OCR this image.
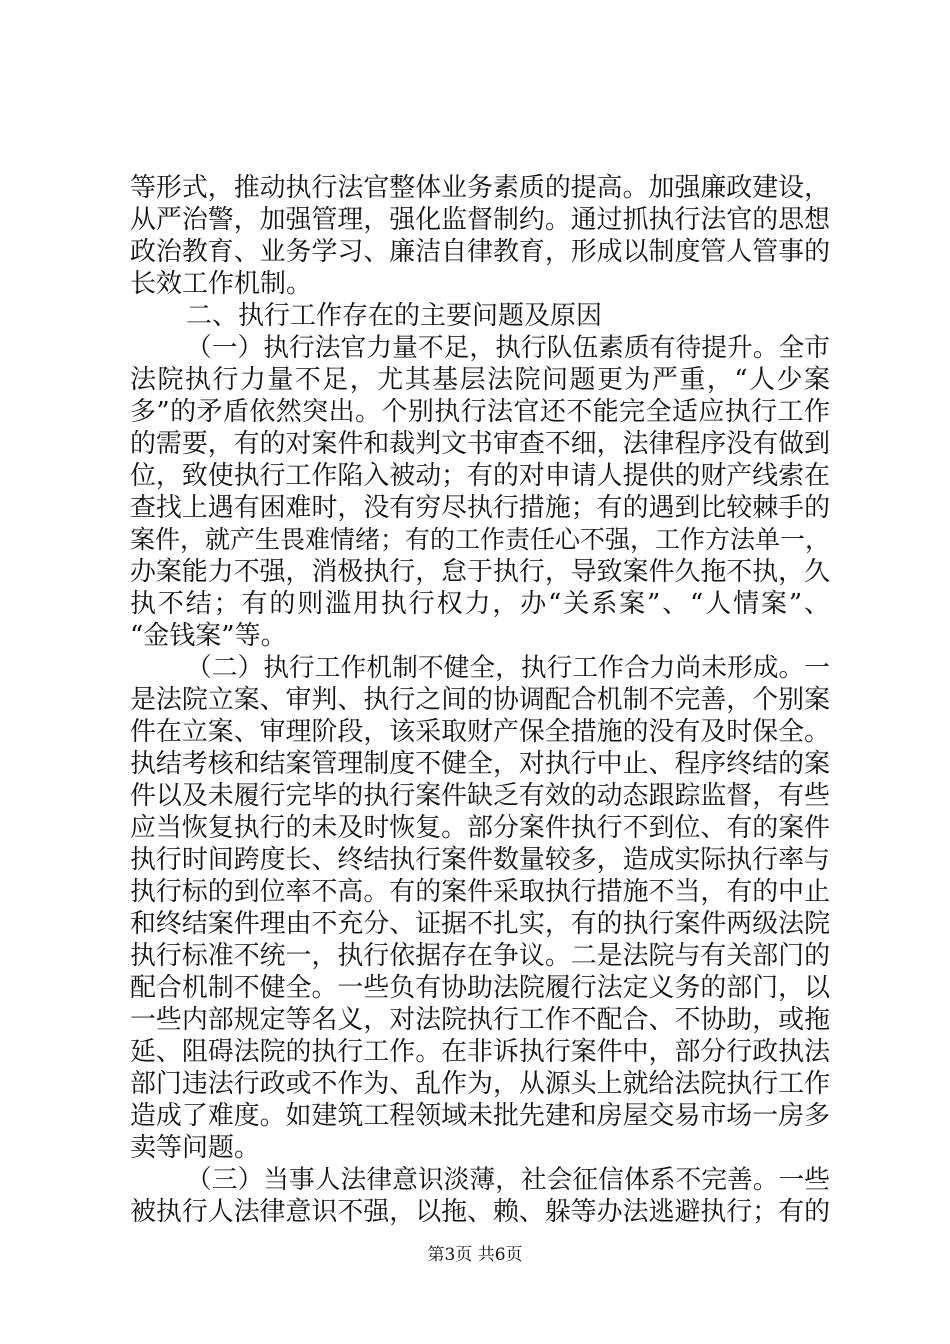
等形式，推动执行法官整体业务素质的提高。加强廉政建设，
从严治警，加强管理，强化监督制约。通过抓执行法官的思想
政治教育、业务学习、廉洁自律教育，形成以制度管人管事的
长效工作机制。
二、执行工作存在的主要问题及原因
（一）执行法官力量不足，执行队伍素质有待提升。全市
法院执行力量不足，尤其基层法院问题更为严重，“人少案
多”的矛盾依然突出。个别执行法官还不能完全适应执行工作
的需要，有的对案件和裁判文书审查不细，法律程序没有做到
位，致使执行工作陷入被动；有的对申请人提供的财产线索在
查找上遇有困难时，没有穷尽执行措施；有的遇到比较棘手的
案件，就产生畏难情绪；有的工作责任心不强，工作方法单一，
办案能力不强，消极执行，怠于执行，导致案件久拖不执，久
执不结；有的则滥用执行权力，办“关系案”、“人情案”、
“金钱案”等。
（二）执行工作机制不健全，执行工作合力尚未形成。一
是法院立案、审判、执行之间的协调配合机制不完善，个别案
件在立案、审理阶段，该采取财产保全措施的没有及时保全。
执结考核和结案管理制度不健全，对执行中止、程序终结的案
件以及未履行完毕的执行案件缺乏有效的动态跟踪监督，有些
应当恢复执行的未及时恢复。部分案件执行不到位、有的案件
执行时间跨度长、终结执行案件数量较多，造成实际执行率与
执行标的到位率不高。有的案件采取执行措施不当，有的中止
和终结案件理由不充分、证据不扎实，有的执行案件两级法院
执行标准不统一，执行依据存在争议。二是法院与有关部门的
配合机制不健全。一些负有协助法院履行法定义务的部门，以
一些内部规定等名义，对法院执行工作不配合、不协助，或拖
延、阻碍法院的执行工作。在非诉执行案件中，部分行政执法
部门违法行政或不作为、乱作为，从源头上就给法院执行工作
造成了难度。如建筑工程领域未批先建和房屋交易市场一房多
卖等问题。
（三）当事人法律意识淡薄，社会征信体系不完善。一些
被执行人法律意识不强，以拖、赖、躲等办法逃避执行；有的
第3页 共6页
